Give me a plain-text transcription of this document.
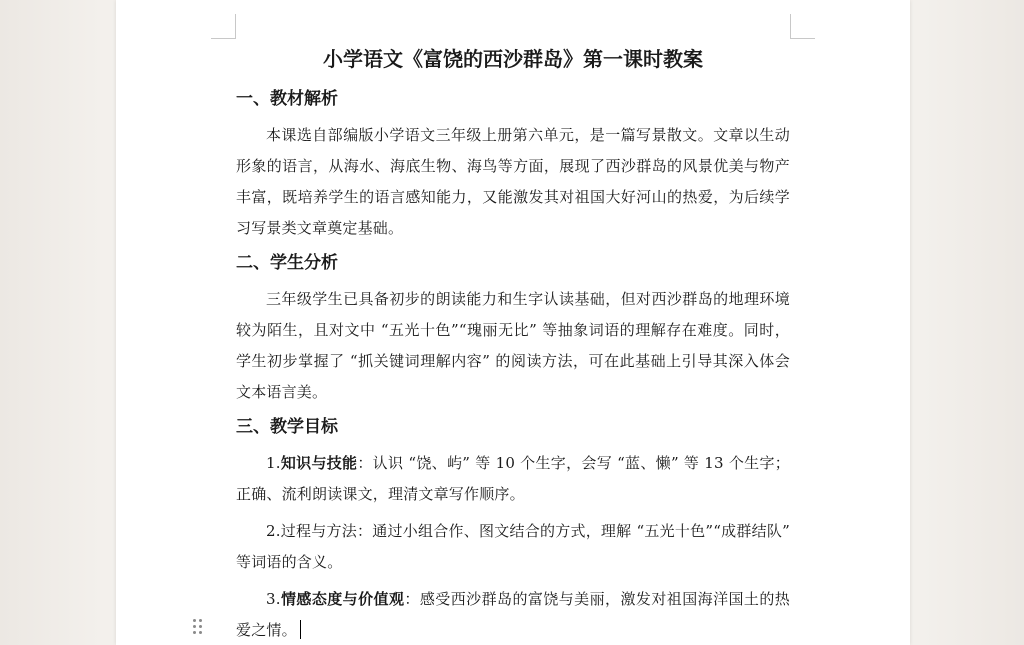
小学语文《富饶的西沙群岛》第一课时教案
一、教材解析

本课选自部编版小学语文三年级上册第六单元，是一篇写景散文。文章以生动形象的语言，从海水、海底生物、海鸟等方面，展现了西沙群岛的风景优美与物产丰富，既培养学生的语言感知能力，又能激发其对祖国大好河山的热爱，为后续学习写景类文章奠定基础。

二、学生分析

三年级学生已具备初步的朗读能力和生字认读基础，但对西沙群岛的地理环境较为陌生，且对文中 “五光十色”“瑰丽无比” 等抽象词语的理解存在难度。同时，学生初步掌握了 “抓关键词理解内容” 的阅读方法，可在此基础上引导其深入体会文本语言美。

三、教学目标

1.知识与技能：认识 “饶、屿” 等 10 个生字，会写 “蓝、懒” 等 13 个生字；正确、流利朗读课文，理清文章写作顺序。

2.过程与方法：通过小组合作、图文结合的方式，理解 “五光十色”“成群结队” 等词语的含义。

3.情感态度与价值观：感受西沙群岛的富饶与美丽，激发对祖国海洋国土的热爱之情。
